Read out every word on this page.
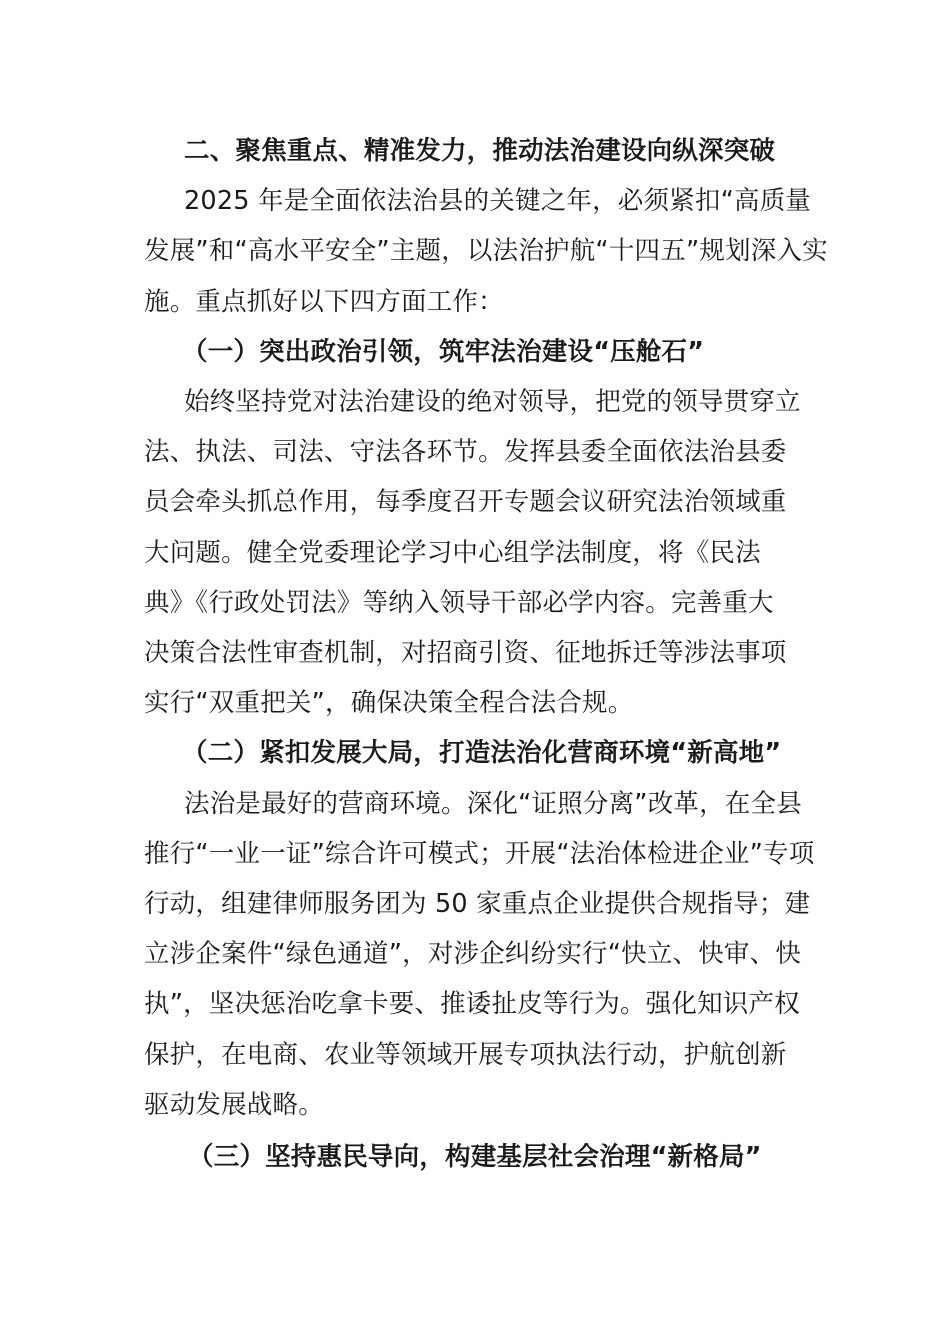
二、聚焦重点、精准发力，推动法治建设向纵深突破
2025 年是全面依法治县的关键之年，必须紧扣“高质量
发展”和“高水平安全”主题，以法治护航“十四五”规划深入实
施。重点抓好以下四方面工作：
（一）突出政治引领，筑牢法治建设“压舱石”
始终坚持党对法治建设的绝对领导，把党的领导贯穿立
法、执法、司法、守法各环节。发挥县委全面依法治县委
员会牵头抓总作用，每季度召开专题会议研究法治领域重
大问题。健全党委理论学习中心组学法制度，将《民法
典》《行政处罚法》等纳入领导干部必学内容。完善重大
决策合法性审查机制，对招商引资、征地拆迁等涉法事项
实行“双重把关”，确保决策全程合法合规。
（二）紧扣发展大局，打造法治化营商环境“新高地”
法治是最好的营商环境。深化“证照分离”改革，在全县
推行“一业一证”综合许可模式；开展“法治体检进企业”专项
行动，组建律师服务团为 50 家重点企业提供合规指导；建
立涉企案件“绿色通道”，对涉企纠纷实行“快立、快审、快
执”，坚决惩治吃拿卡要、推诿扯皮等行为。强化知识产权
保护，在电商、农业等领域开展专项执法行动，护航创新
驱动发展战略。
（三）坚持惠民导向，构建基层社会治理“新格局”
